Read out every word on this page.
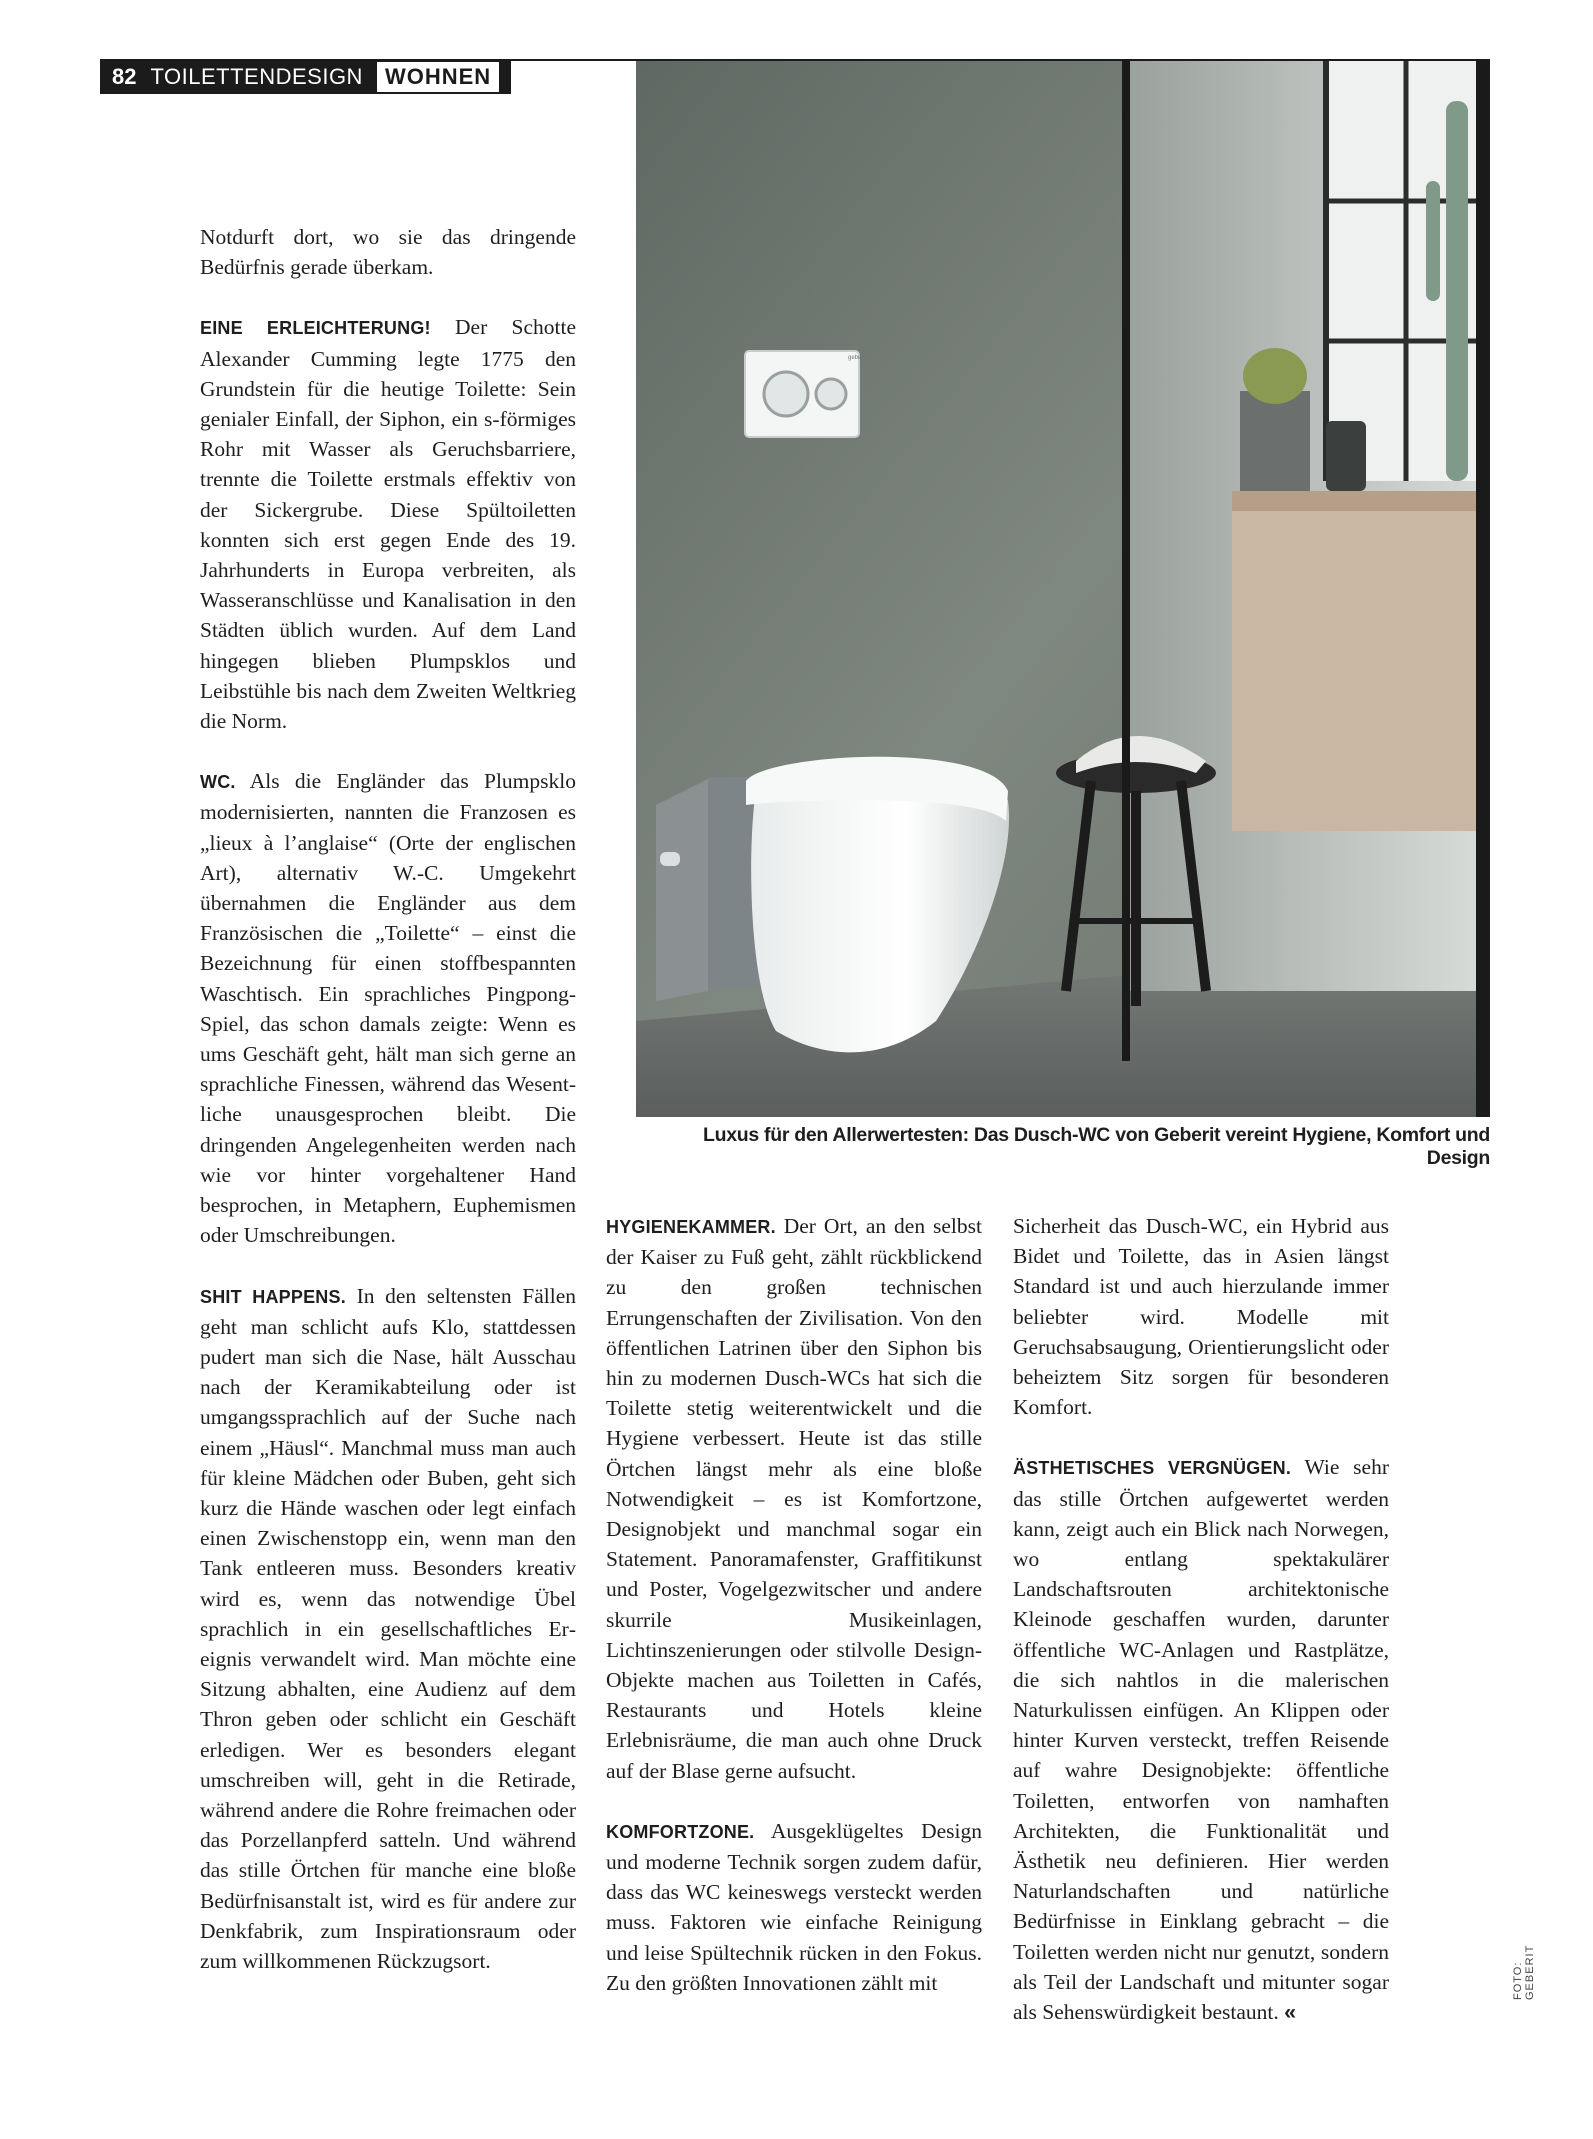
82 TOILETTENDESIGN	WOHNEN
geberit
Luxus für den Allerwertesten: Das Dusch-WC von Geberit vereint Hygiene, Komfort und Design

Notdurft dort, wo sie das dringende Bedürfnis gerade überkam.

EINE ERLEICHTERUNG! Der Schotte Alexander Cumming legte 1775 den Grundstein für die heutige Toilette: Sein genialer Einfall, der Siphon, ein s-förmiges Rohr mit Wasser als Geruchsbarriere, trennte die Toilette erstmals effektiv von der Sickergrube. Diese Spültoiletten konnten sich erst gegen Ende des 19. Jahrhunderts in Europa verbreiten, als Wasseranschlüsse und Kanalisation in den Städten üblich wurden. Auf dem Land hingegen blieben Plumpsklos und Leibstühle bis nach dem Zweiten Weltkrieg die Norm.

WC. Als die Engländer das Plumpsklo modernisierten, nannten die Franzosen es „lieux à l’anglaise“ (Orte der englischen Art), alternativ W.-C. Umgekehrt übernahmen die Engländer aus dem Französischen die „Toilette“ – einst die Bezeichnung für einen stoffbespannten Waschtisch. Ein sprachliches Pingpong-Spiel, das schon damals zeigte: Wenn es ums Geschäft geht, hält man sich gerne an sprachliche Finessen, während das Wesentliche unausgesprochen bleibt. Die dringenden Angelegenheiten werden nach wie vor hinter vorgehaltener Hand besprochen, in Metaphern, Euphemismen oder Umschreibungen.

SHIT HAPPENS. In den seltensten Fällen geht man schlicht aufs Klo, stattdessen pudert man sich die Nase, hält Ausschau nach der Keramikabteilung oder ist umgangssprachlich auf der Suche nach einem „Häusl“. Manchmal muss man auch für kleine Mädchen oder Buben, geht sich kurz die Hände waschen oder legt einfach einen Zwischenstopp ein, wenn man den Tank entleeren muss. Besonders kreativ wird es, wenn das notwendige Übel sprachlich in ein gesellschaftliches Ereignis verwandelt wird. Man möchte eine Sitzung abhalten, eine Audienz auf dem Thron geben oder schlicht ein Geschäft erledigen. Wer es besonders elegant umschreiben will, geht in die Retirade, während andere die Rohre freimachen oder das Porzellanpferd satteln. Und während das stille Örtchen für manche eine bloße Bedürfnisanstalt ist, wird es für andere zur Denkfabrik, zum Inspirationsraum oder zum willkommenen Rückzugsort.

HYGIENEKAMMER. Der Ort, an den selbst der Kaiser zu Fuß geht, zählt rückblickend zu den großen technischen Errungenschaften der Zivilisation. Von den öffentlichen Latrinen über den Siphon bis hin zu modernen Dusch-WCs hat sich die Toilette stetig weiterentwickelt und die Hygiene verbessert. Heute ist das stille Örtchen längst mehr als eine bloße Notwendigkeit – es ist Komfortzone, Designobjekt und manchmal sogar ein Statement. Panoramafenster, Graffitikunst und Poster, Vogelgezwitscher und andere skurrile Musikeinlagen, Lichtinszenierungen oder stilvolle Design-Objekte machen aus Toiletten in Cafés, Restaurants und Hotels kleine Erlebnisräume, die man auch ohne Druck auf der Blase gerne aufsucht.

KOMFORTZONE. Ausgeklügeltes Design und moderne Technik sorgen zudem dafür, dass das WC keineswegs versteckt werden muss. Faktoren wie einfache Reinigung und leise Spültechnik rücken in den Fokus. Zu den größten Innovationen zählt mit

Sicherheit das Dusch-WC, ein Hybrid aus Bidet und Toilette, das in Asien längst Standard ist und auch hierzulande immer beliebter wird. Modelle mit Geruchsabsaugung, Orientierungslicht oder beheiztem Sitz sorgen für besonderen Komfort.

ÄSTHETISCHES VERGNÜGEN. Wie sehr das stille Örtchen aufgewertet werden kann, zeigt auch ein Blick nach Norwegen, wo entlang spektakulärer Landschaftsrouten architektonische Kleinode geschaffen wurden, darunter öffentliche WC-Anlagen und Rastplätze, die sich nahtlos in die malerischen Naturkulissen einfügen. An Klippen oder hinter Kurven versteckt, treffen Reisende auf wahre Designobjekte: öffentliche Toiletten, entworfen von namhaften Architekten, die Funktionalität und Ästhetik neu definieren. Hier werden Naturlandschaften und natürliche Bedürfnisse in Einklang gebracht – die Toiletten werden nicht nur genutzt, sondern als Teil der Landschaft und mitunter sogar als Sehenswürdigkeit bestaunt. «

FOTO: GEBERIT
